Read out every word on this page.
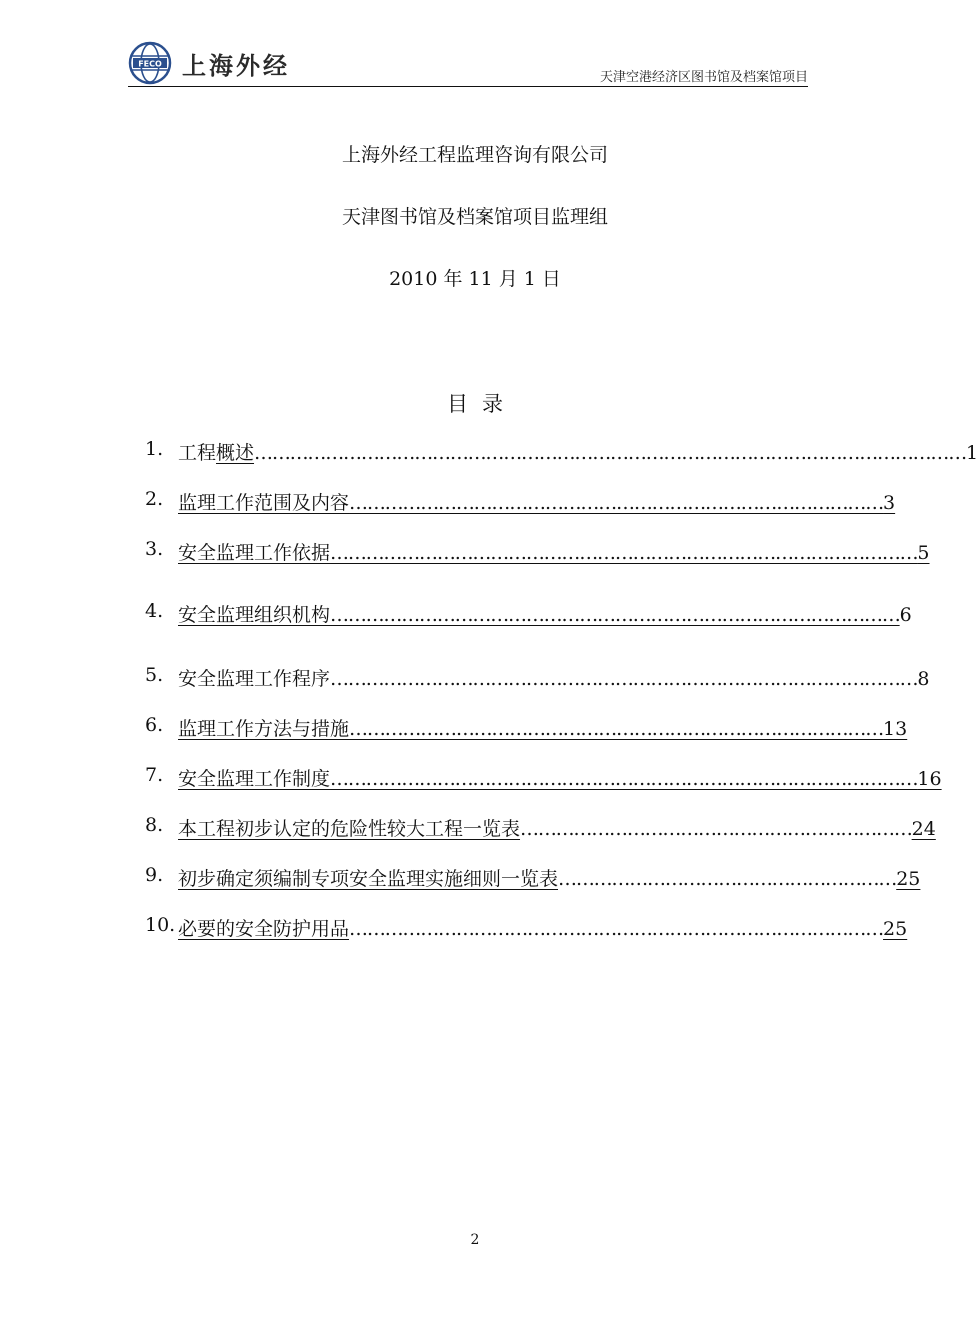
FECO 上海外经	天津空港经济区图书馆及档案馆项目
上海外经工程监理咨询有限公司
天津图书馆及档案馆项目监理组
2010 年 11 月 1 日
目录
1. 工程概述…………………………………………………………………………………………………………1
2. 监理工作范围及内容………………………………………………………………………………3
3. 安全监理工作依据………………………………………………………………………………………5
4. 安全监理组织机构……………………………………………………………………………………6
5. 安全监理工作程序………………………………………………………………………………………8
6. 监理工作方法与措施………………………………………………………………………………13
7. 安全监理工作制度………………………………………………………………………………………16
8. 本工程初步认定的危险性较大工程一览表…………………………………………………………24
9. 初步确定须编制专项安全监理实施细则一览表…………………………………………………25
10. 必要的安全防护用品………………………………………………………………………………25
2
